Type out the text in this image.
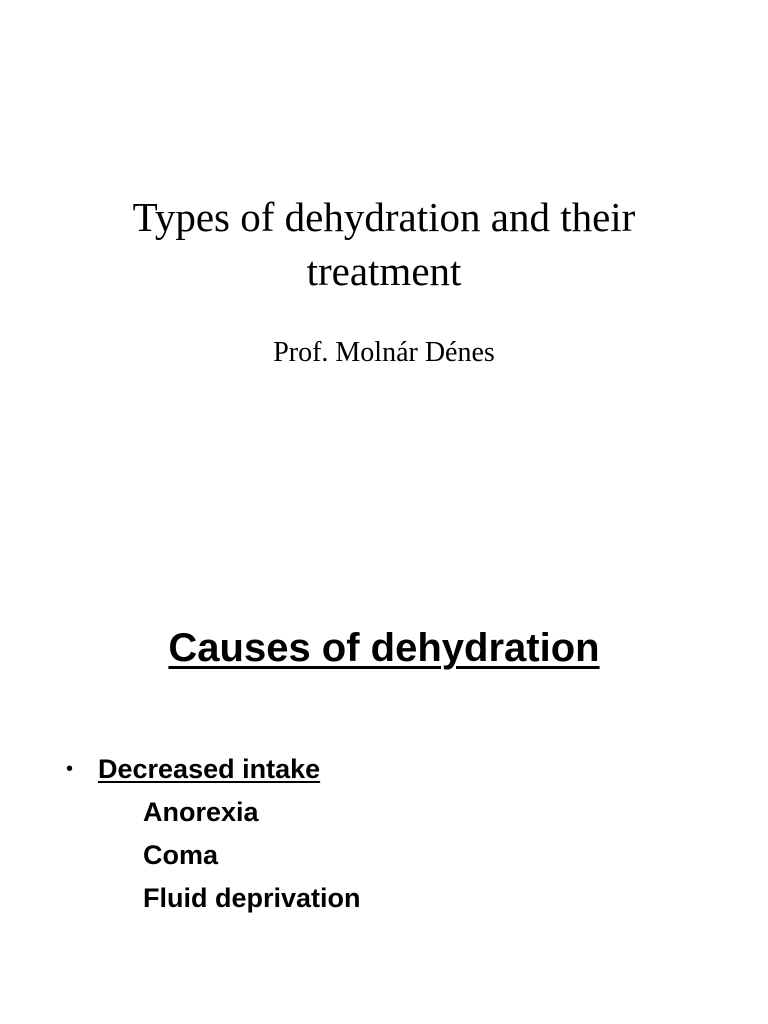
Types of dehydration and their
treatment
Prof. Molnár Dénes
Causes of dehydration
• Decreased intake
Anorexia
Coma
Fluid deprivation
